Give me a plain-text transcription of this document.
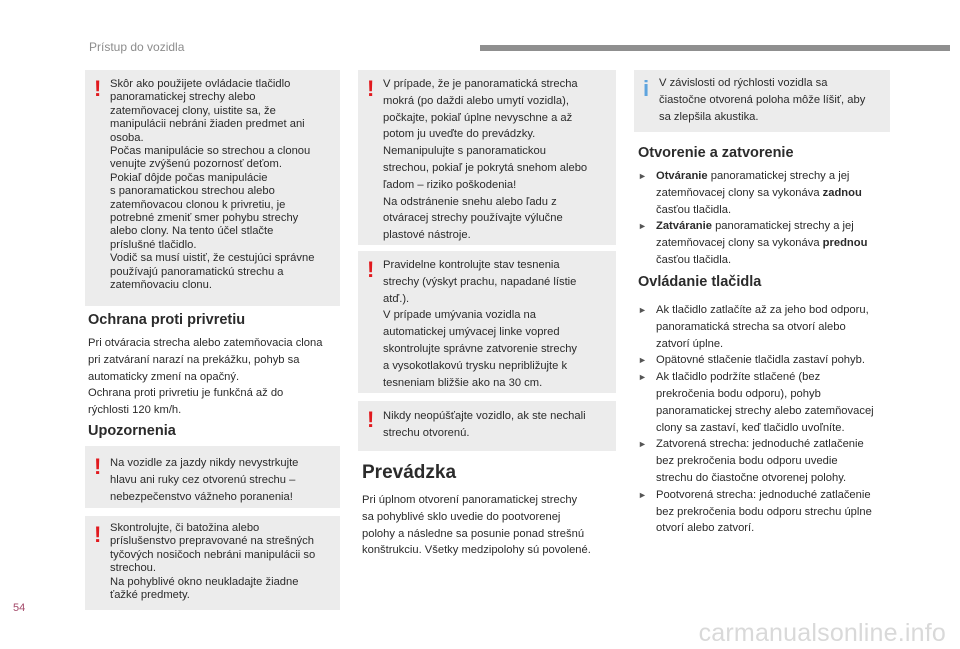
Prístup do vozidla
! Skôr ako použijete ovládacie tlačidlo
panoramatickej strechy alebo
zatemňovacej clony, uistite sa, že
manipulácii nebráni žiaden predmet ani
osoba.
Počas manipulácie so strechou a clonou
venujte zvýšenú pozornosť deťom.
Pokiaľ dôjde počas manipulácie
s panoramatickou strechou alebo
zatemňovacou clonou k privretiu, je
potrebné zmeniť smer pohybu strechy
alebo clony. Na tento účel stlačte
príslušné tlačidlo.
Vodič sa musí uistiť, že cestujúci správne
používajú panoramatickú strechu a
zatemňovaciu clonu.

Ochrana proti privretiu
Pri otváracia strecha alebo zatemňovacia clona
pri zatváraní narazí na prekážku, pohyb sa
automaticky zmení na opačný.
Ochrana proti privretiu je funkčná až do
rýchlosti 120 km/h.
Upozornenia
! Na vozidle za jazdy nikdy nevystrkujte
hlavu ani ruky cez otvorenú strechu –
nebezpečenstvo vážneho poranenia!

! Skontrolujte, či batožina alebo
príslušenstvo prepravované na strešných
tyčových nosičoch nebráni manipulácii so
strechou.
Na pohyblivé okno neukladajte žiadne
ťažké predmety.

! V prípade, že je panoramatická strecha
mokrá (po daždi alebo umytí vozidla),
počkajte, pokiaľ úplne nevyschne a až
potom ju uveďte do prevádzky.
Nemanipulujte s panoramatickou
strechou, pokiaľ je pokrytá snehom alebo
ľadom – riziko poškodenia!
Na odstránenie snehu alebo ľadu z
otváracej strechy používajte výlučne
plastové nástroje.

! Pravidelne kontrolujte stav tesnenia
strechy (výskyt prachu, napadané lístie
atď.).
V prípade umývania vozidla na
automatickej umývacej linke vopred
skontrolujte správne zatvorenie strechy
a vysokotlakovú trysku nepribližujte k
tesneniam bližšie ako na 30 cm.

! Nikdy neopúšťajte vozidlo, ak ste nechali
strechu otvorenú.

Prevádzka
Pri úplnom otvorení panoramatickej strechy
sa pohyblivé sklo uvedie do pootvorenej
polohy a následne sa posunie ponad strešnú
konštrukciu. Všetky medzipolohy sú povolené.
i V závislosti od rýchlosti vozidla sa
čiastočne otvorená poloha môže líšiť, aby
sa zlepšila akustika.

Otvorenie a zatvorenie
► Otváranie panoramatickej strechy a jej
zatemňovacej clony sa vykonáva zadnou
časťou tlačidla.
► Zatváranie panoramatickej strechy a jej
zatemňovacej clony sa vykonáva prednou
časťou tlačidla.
Ovládanie tlačidla
► Ak tlačidlo zatlačíte až za jeho bod odporu,
panoramatická strecha sa otvorí alebo
zatvorí úplne.
► Opätovné stlačenie tlačidla zastaví pohyb.
► Ak tlačidlo podržíte stlačené (bez
prekročenia bodu odporu), pohyb
panoramatickej strechy alebo zatemňovacej
clony sa zastaví, keď tlačidlo uvoľníte.
► Zatvorená strecha: jednoduché zatlačenie
bez prekročenia bodu odporu uvedie
strechu do čiastočne otvorenej polohy.
► Pootvorená strecha: jednoduché zatlačenie
bez prekročenia bodu odporu strechu úplne
otvorí alebo zatvorí.
54
carmanualsonline.info
